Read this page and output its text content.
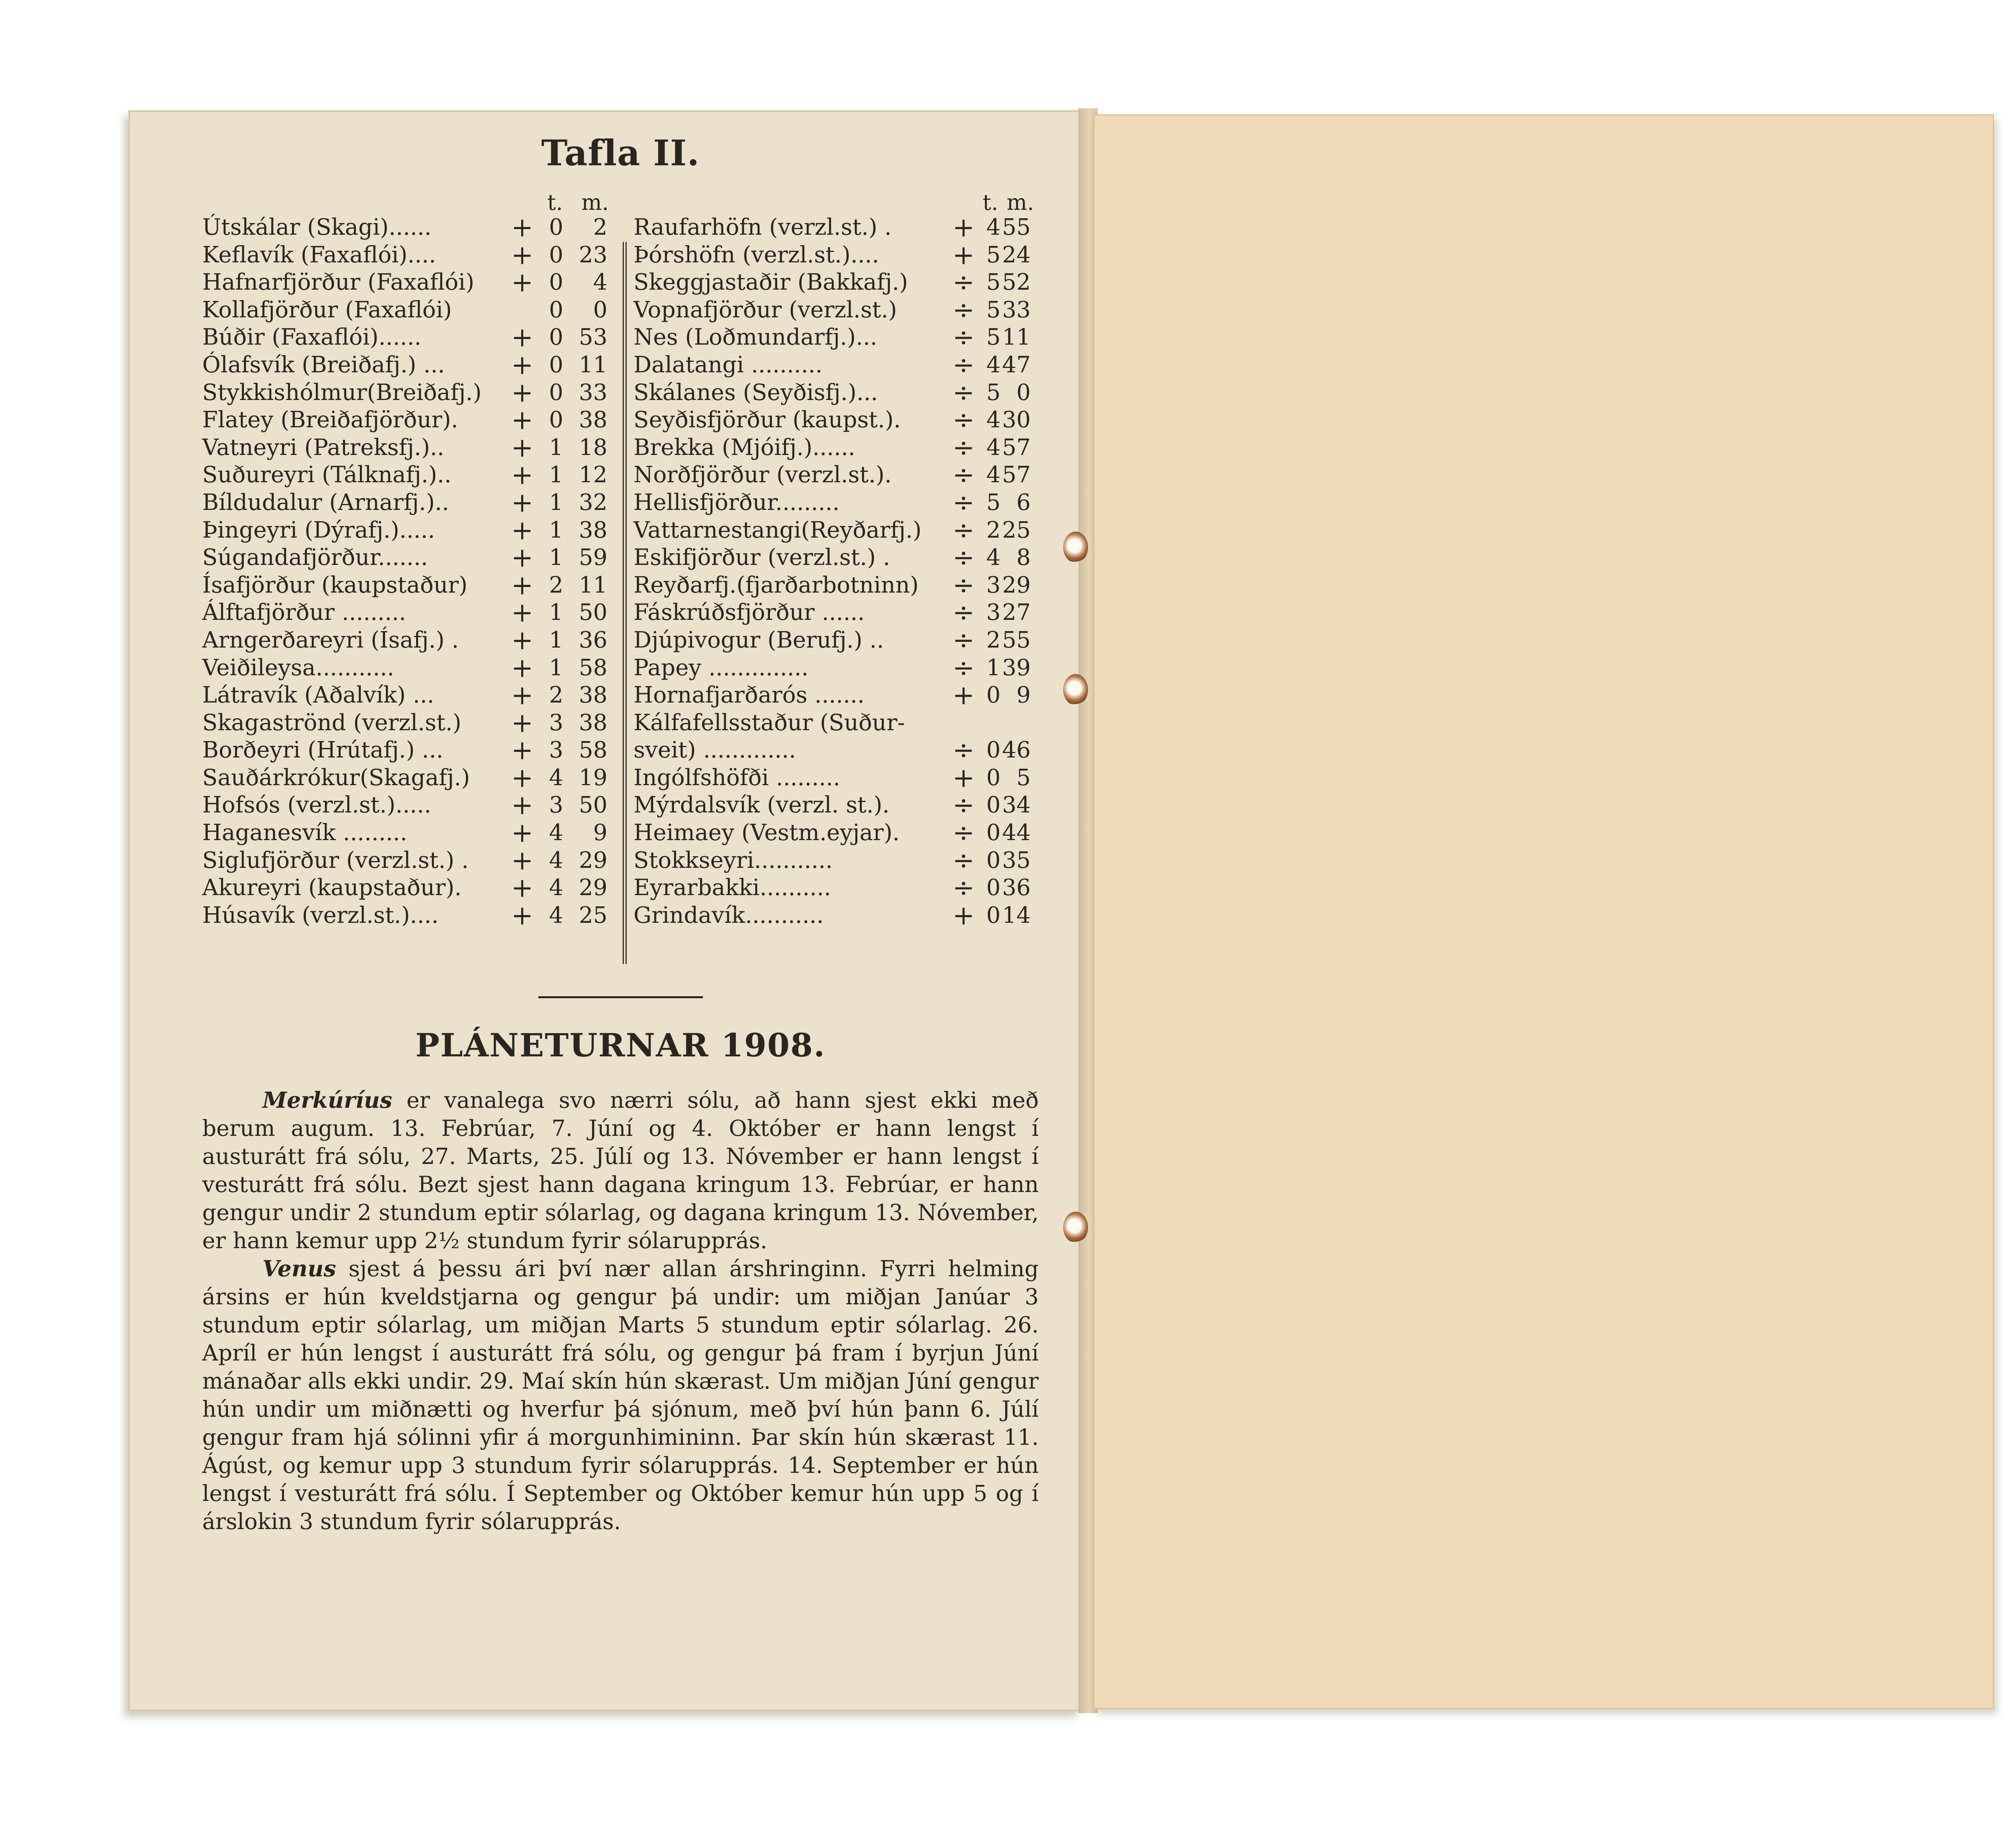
Tafla II.
t. m.
Útskálar (Skagi)......	+ 0	2
Keflavík (Faxaflói)....	+ 0 23
Hafnarfjörður (Faxaflói) + 0	4
Kollafjörður (Faxaflói)	0	0
Búðir (Faxaflói)......	+ 0 53
Ólafsvík (Breiðafj.) ...	+ 0 11
Stykkishólmur(Breiðafj.) + 0 33
Flatey (Breiðafjörður). + 0 38
Vatneyri (Patreksfj.)..	+ 1 18
Suðureyri (Tálknafj.).. + 1 12
Bíldudalur (Arnarfj.).. + 1 32
Þingeyri (Dýrafj.).....	+ 1 38
Súgandafjörður.......	+ 1 59
Ísafjörður (kaupstaður) + 2 11
Álftafjörður .........	+ 1 50
Arngerðareyri (Ísafj.) . + 1 36
Veiðileysa...........	+ 1 58
Látravík (Aðalvík) ...	+ 2 38
Skagaströnd (verzl.st.) + 3 38
Borðeyri (Hrútafj.) ...	+ 3 58
Sauðárkrókur(Skagafj.) + 4 19
Hofsós (verzl.st.).....	+ 3 50
Haganesvík .........	+ 4	9
Siglufjörður (verzl.st.) . + 4 29
Akureyri (kaupstaður). + 4 29
Húsavík (verzl.st.)....	+ 4 25
t. m.
Raufarhöfn (verzl.st.) . + 4 55
Þórshöfn (verzl.st.)....	+ 5 24
Skeggjastaðir (Bakkafj.) ÷ 5 52
Vopnafjörður (verzl.st.) ÷ 5 33
Nes (Loðmundarfj.)...	÷ 5 11
Dalatangi ..........	÷ 4 47
Skálanes (Seyðisfj.)...	÷ 5 0
Seyðisfjörður (kaupst.). ÷ 4 30
Brekka (Mjóifj.)......	÷ 4 57
Norðfjörður (verzl.st.). ÷ 4 57
Hellisfjörður.........	÷ 5 6
Vattarnestangi(Reyðarfj.) ÷ 2 25
Eskifjörður (verzl.st.) . ÷ 4 8
Reyðarfj.(fjarðarbotninn) ÷ 3 29
Fáskrúðsfjörður ......	÷ 3 27
Djúpivogur (Berufj.) ..	÷ 2 55
Papey ..............	÷ 1 39
Hornafjarðarós .......	+ 0 9
Kálfafellsstaður (Suður-
sveit) .............	÷ 0 46
Ingólfshöfði .........	+ 0 5
Mýrdalsvík (verzl. st.). ÷ 0 34
Heimaey (Vestm.eyjar). ÷ 0 44
Stokkseyri...........	÷ 0 35
Eyrarbakki..........	÷ 0 36
Grindavík...........	+ 0 14
PLÁNETURNAR 1908.

Merkúríus er vanalega svo nærri sólu, að hann sjest ekki með berum augum. 13. Febrúar, 7. Júní og 4. Október er hann lengst í austurátt frá sólu, 27. Marts, 25. Júlí og 13. Nóvember er hann lengst í vesturátt frá sólu. Bezt sjest hann dagana kringum 13. Febrúar, er hann gengur undir 2 stundum eptir sólarlag, og dagana kringum 13. Nóvember, er hann kemur upp 2½ stundum fyrir sólarupprás.

Venus sjest á þessu ári því nær allan árshringinn. Fyrri helming ársins er hún kveldstjarna og gengur þá undir: um miðjan Janúar 3 stundum eptir sólarlag, um miðjan Marts 5 stundum eptir sólarlag. 26. Apríl er hún lengst í austurátt frá sólu, og gengur þá fram í byrjun Júní mánaðar alls ekki undir. 29. Maí skín hún skærast. Um miðjan Júní gengur hún undir um miðnætti og hverfur þá sjónum, með því hún þann 6. Júlí gengur fram hjá sólinni yfir á morgunhimininn. Þar skín hún skærast 11. Ágúst, og kemur upp 3 stundum fyrir sólarupprás. 14. September er hún lengst í vesturátt frá sólu. Í September og Október kemur hún upp 5 og í árslokin 3 stundum fyrir sólarupprás.
